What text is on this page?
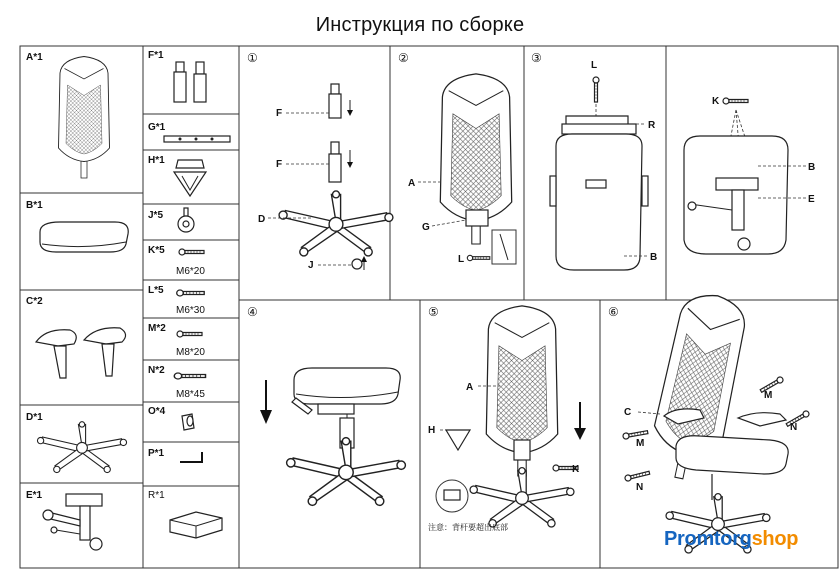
Инструкция по сборке
A*1
B*1
C*2
D*1
E*1
F*1
G*1
H*1
J*5
K*5
M6*20
L*5
M6*30
M*2
M8*20
N*2
M8*45
O*4
P*1
R*1
①
F
F
D
J
②
A
G
L
③
L
R
B
K
B
E
④	⑤
A
H
K
注意：背杆要超出底部
⑥
C
M
M
N
N
Promtorgshop
